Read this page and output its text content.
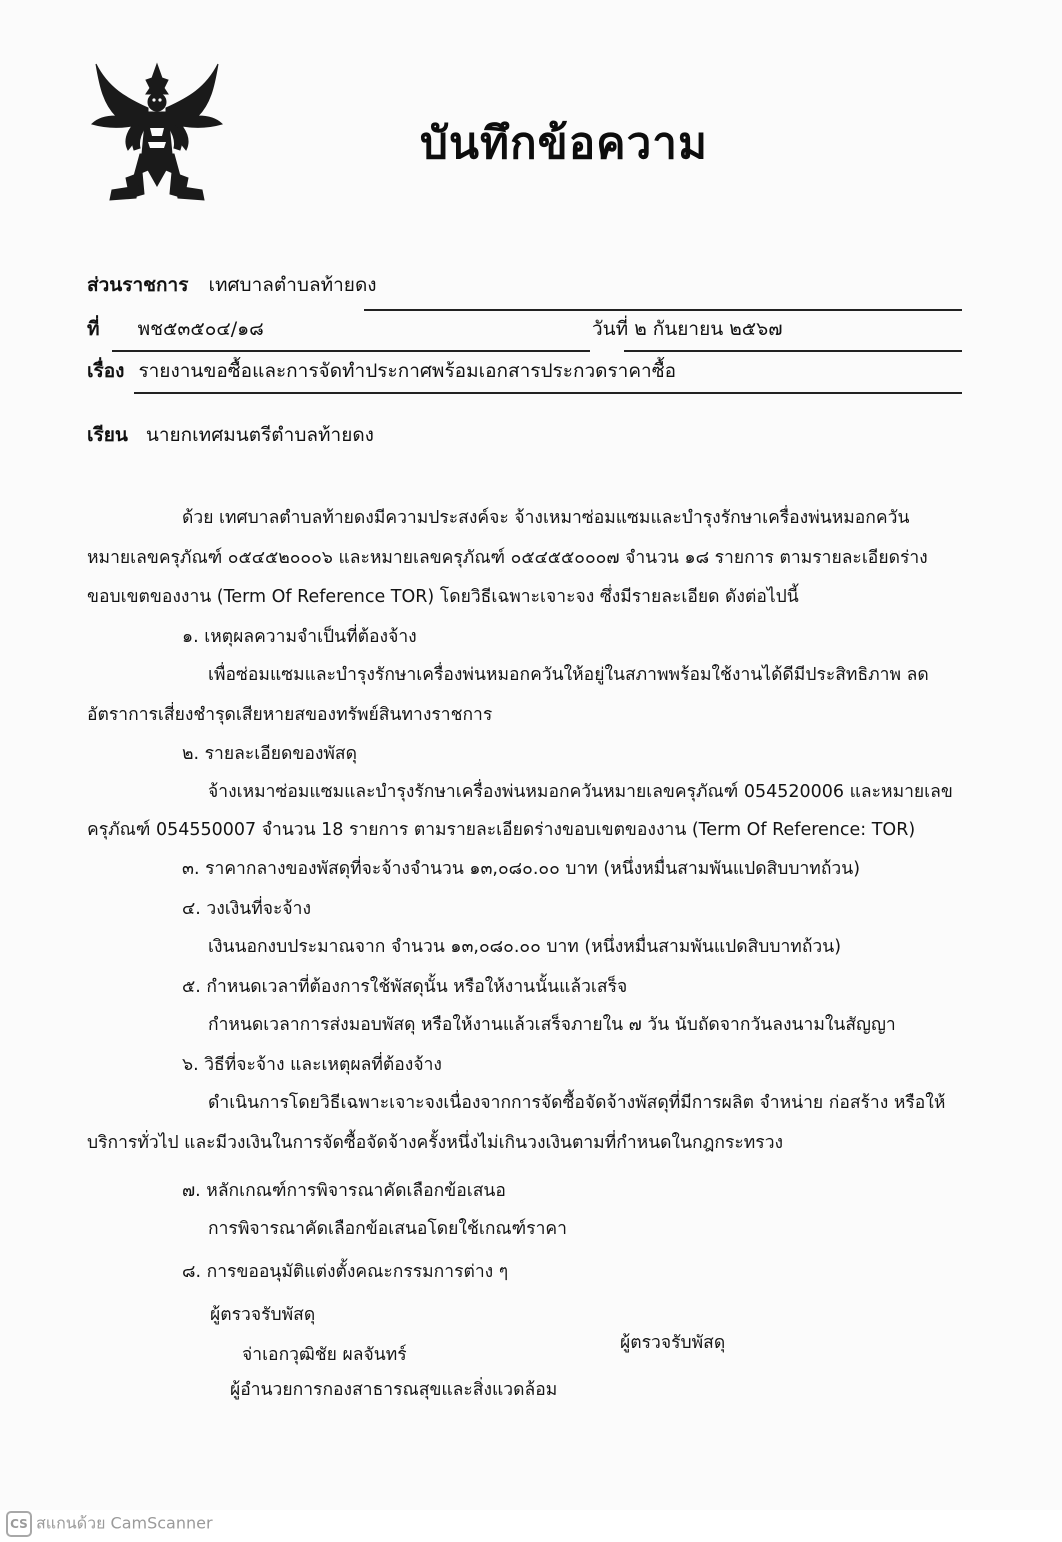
บันทึกข้อความ
ส่วนราชการ เทศบาลตำบลท้ายดง
ที่ พช๕๓๕๐๔/๑๘	วันที่ ๒ กันยายน ๒๕๖๗
เรื่อง รายงานขอซื้อและการจัดทำประกาศพร้อมเอกสารประกวดราคาซื้อ
เรียน นายกเทศมนตรีตำบลท้ายดง
ด้วย เทศบาลตำบลท้ายดงมีความประสงค์จะ จ้างเหมาซ่อมแซมและบำรุงรักษาเครื่องพ่นหมอกควัน
หมายเลขครุภัณฑ์ ๐๕๔๕๒๐๐๐๖ และหมายเลขครุภัณฑ์ ๐๕๔๕๕๐๐๐๗ จำนวน ๑๘ รายการ ตามรายละเอียดร่าง
ขอบเขตของงาน (Term Of Reference TOR) โดยวิธีเฉพาะเจาะจง ซึ่งมีรายละเอียด ดังต่อไปนี้
๑. เหตุผลความจำเป็นที่ต้องจ้าง
เพื่อซ่อมแซมและบำรุงรักษาเครื่องพ่นหมอกควันให้อยู่ในสภาพพร้อมใช้งานได้ดีมีประสิทธิภาพ ลด
อัตราการเสี่ยงชำรุดเสียหายสของทรัพย์สินทางราชการ
๒. รายละเอียดของพัสดุ
จ้างเหมาซ่อมแซมและบำรุงรักษาเครื่องพ่นหมอกควันหมายเลขครุภัณฑ์ 054520006 และหมายเลข
ครุภัณฑ์ 054550007 จำนวน 18 รายการ ตามรายละเอียดร่างขอบเขตของงาน (Term Of Reference: TOR)
๓. ราคากลางของพัสดุที่จะจ้างจำนวน ๑๓,๐๘๐.๐๐ บาท (หนึ่งหมื่นสามพันแปดสิบบาทถ้วน)
๔. วงเงินที่จะจ้าง
เงินนอกงบประมาณจาก จำนวน ๑๓,๐๘๐.๐๐ บาท (หนึ่งหมื่นสามพันแปดสิบบาทถ้วน)
๕. กำหนดเวลาที่ต้องการใช้พัสดุนั้น หรือให้งานนั้นแล้วเสร็จ
กำหนดเวลาการส่งมอบพัสดุ หรือให้งานแล้วเสร็จภายใน ๗ วัน นับถัดจากวันลงนามในสัญญา
๖. วิธีที่จะจ้าง และเหตุผลที่ต้องจ้าง
ดำเนินการโดยวิธีเฉพาะเจาะจงเนื่องจากการจัดซื้อจัดจ้างพัสดุที่มีการผลิต จำหน่าย ก่อสร้าง หรือให้
บริการทั่วไป และมีวงเงินในการจัดซื้อจัดจ้างครั้งหนึ่งไม่เกินวงเงินตามที่กำหนดในกฎกระทรวง
๗. หลักเกณฑ์การพิจารณาคัดเลือกข้อเสนอ
การพิจารณาคัดเลือกข้อเสนอโดยใช้เกณฑ์ราคา
๘. การขออนุมัติแต่งตั้งคณะกรรมการต่าง ๆ
ผู้ตรวจรับพัสดุ
จ่าเอกวุฒิชัย ผลจันทร์
ผู้ตรวจรับพัสดุ
ผู้อำนวยการกองสาธารณสุขและสิ่งแวดล้อม
CS สแกนด้วย CamScanner
